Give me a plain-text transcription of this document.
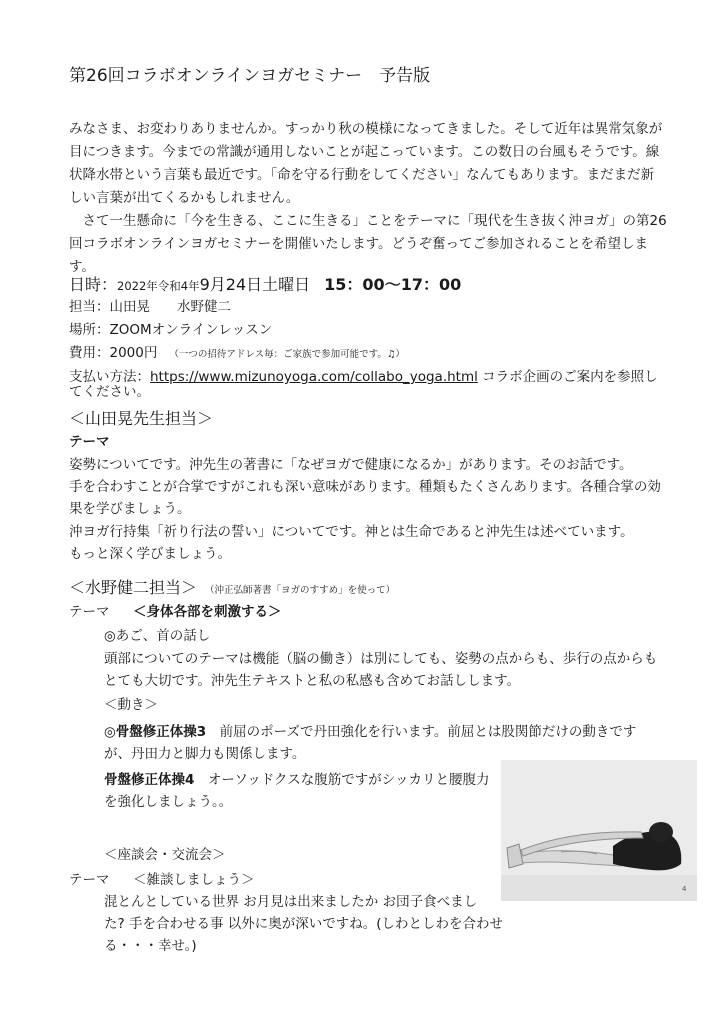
第26回コラボオンラインヨガセミナー　予告版
みなさま、お変わりありませんか。すっかり秋の模様になってきました。そして近年は異常気象が
目につきます。今までの常識が通用しないことが起こっています。この数日の台風もそうです。線
状降水帯という言葉も最近です。「命を守る行動をしてください」なんてもあります。まだまだ新
しい言葉が出てくるかもしれません。
　さて一生懸命に「今を生きる、ここに生きる」ことをテーマに「現代を生き抜く沖ヨガ」の第26
回コラボオンラインヨガセミナーを開催いたします。どうぞ奮ってご参加されることを希望しま
す。
日時：2022年令和4年9月24日土曜日 15：00〜17：00
担当：山田晃　　水野健二
場所：ZOOMオンラインレッスン
費用：2000円 （一つの招待アドレス毎：ご家族で参加可能です。♫）
支払い方法：https://www.mizunoyoga.com/collabo_yoga.html コラボ企画のご案内を参照し
てください。
＜山田晃先生担当＞
テーマ
姿勢についてです。沖先生の著書に「なぜヨガで健康になるか」があります。そのお話です。
手を合わすことが合掌ですがこれも深い意味があります。種類もたくさんあります。各種合掌の効
果を学びましょう。
沖ヨガ行持集「祈り行法の誓い」についてです。神とは生命であると沖先生は述べています。
もっと深く学びましょう。
＜水野健二担当＞ （沖正弘師著書「ヨガのすすめ」を使って）
テーマ　＜身体各部を刺激する＞
◎あご、首の話し
頭部についてのテーマは機能（脳の働き）は別にしても、姿勢の点からも、歩行の点からも
とても大切です。沖先生テキストと私の私感も含めてお話しします。
＜動き＞
◎骨盤修正体操3　前屈のポーズで丹田強化を行います。前屈とは股関節だけの動きです
が、丹田力と脚力も関係します。
骨盤修正体操4　オーソッドクスな腹筋ですがシッカリと腰腹力
を強化しましょう。。
＜座談会・交流会＞
テーマ　＜雑談しましょう＞
混とんとしている世界 お月見は出来ましたか お団子食べまし
た? 手を合わせる事 以外に奥が深いですね。(しわとしわを合わせ
る・・・幸せ。)
4
